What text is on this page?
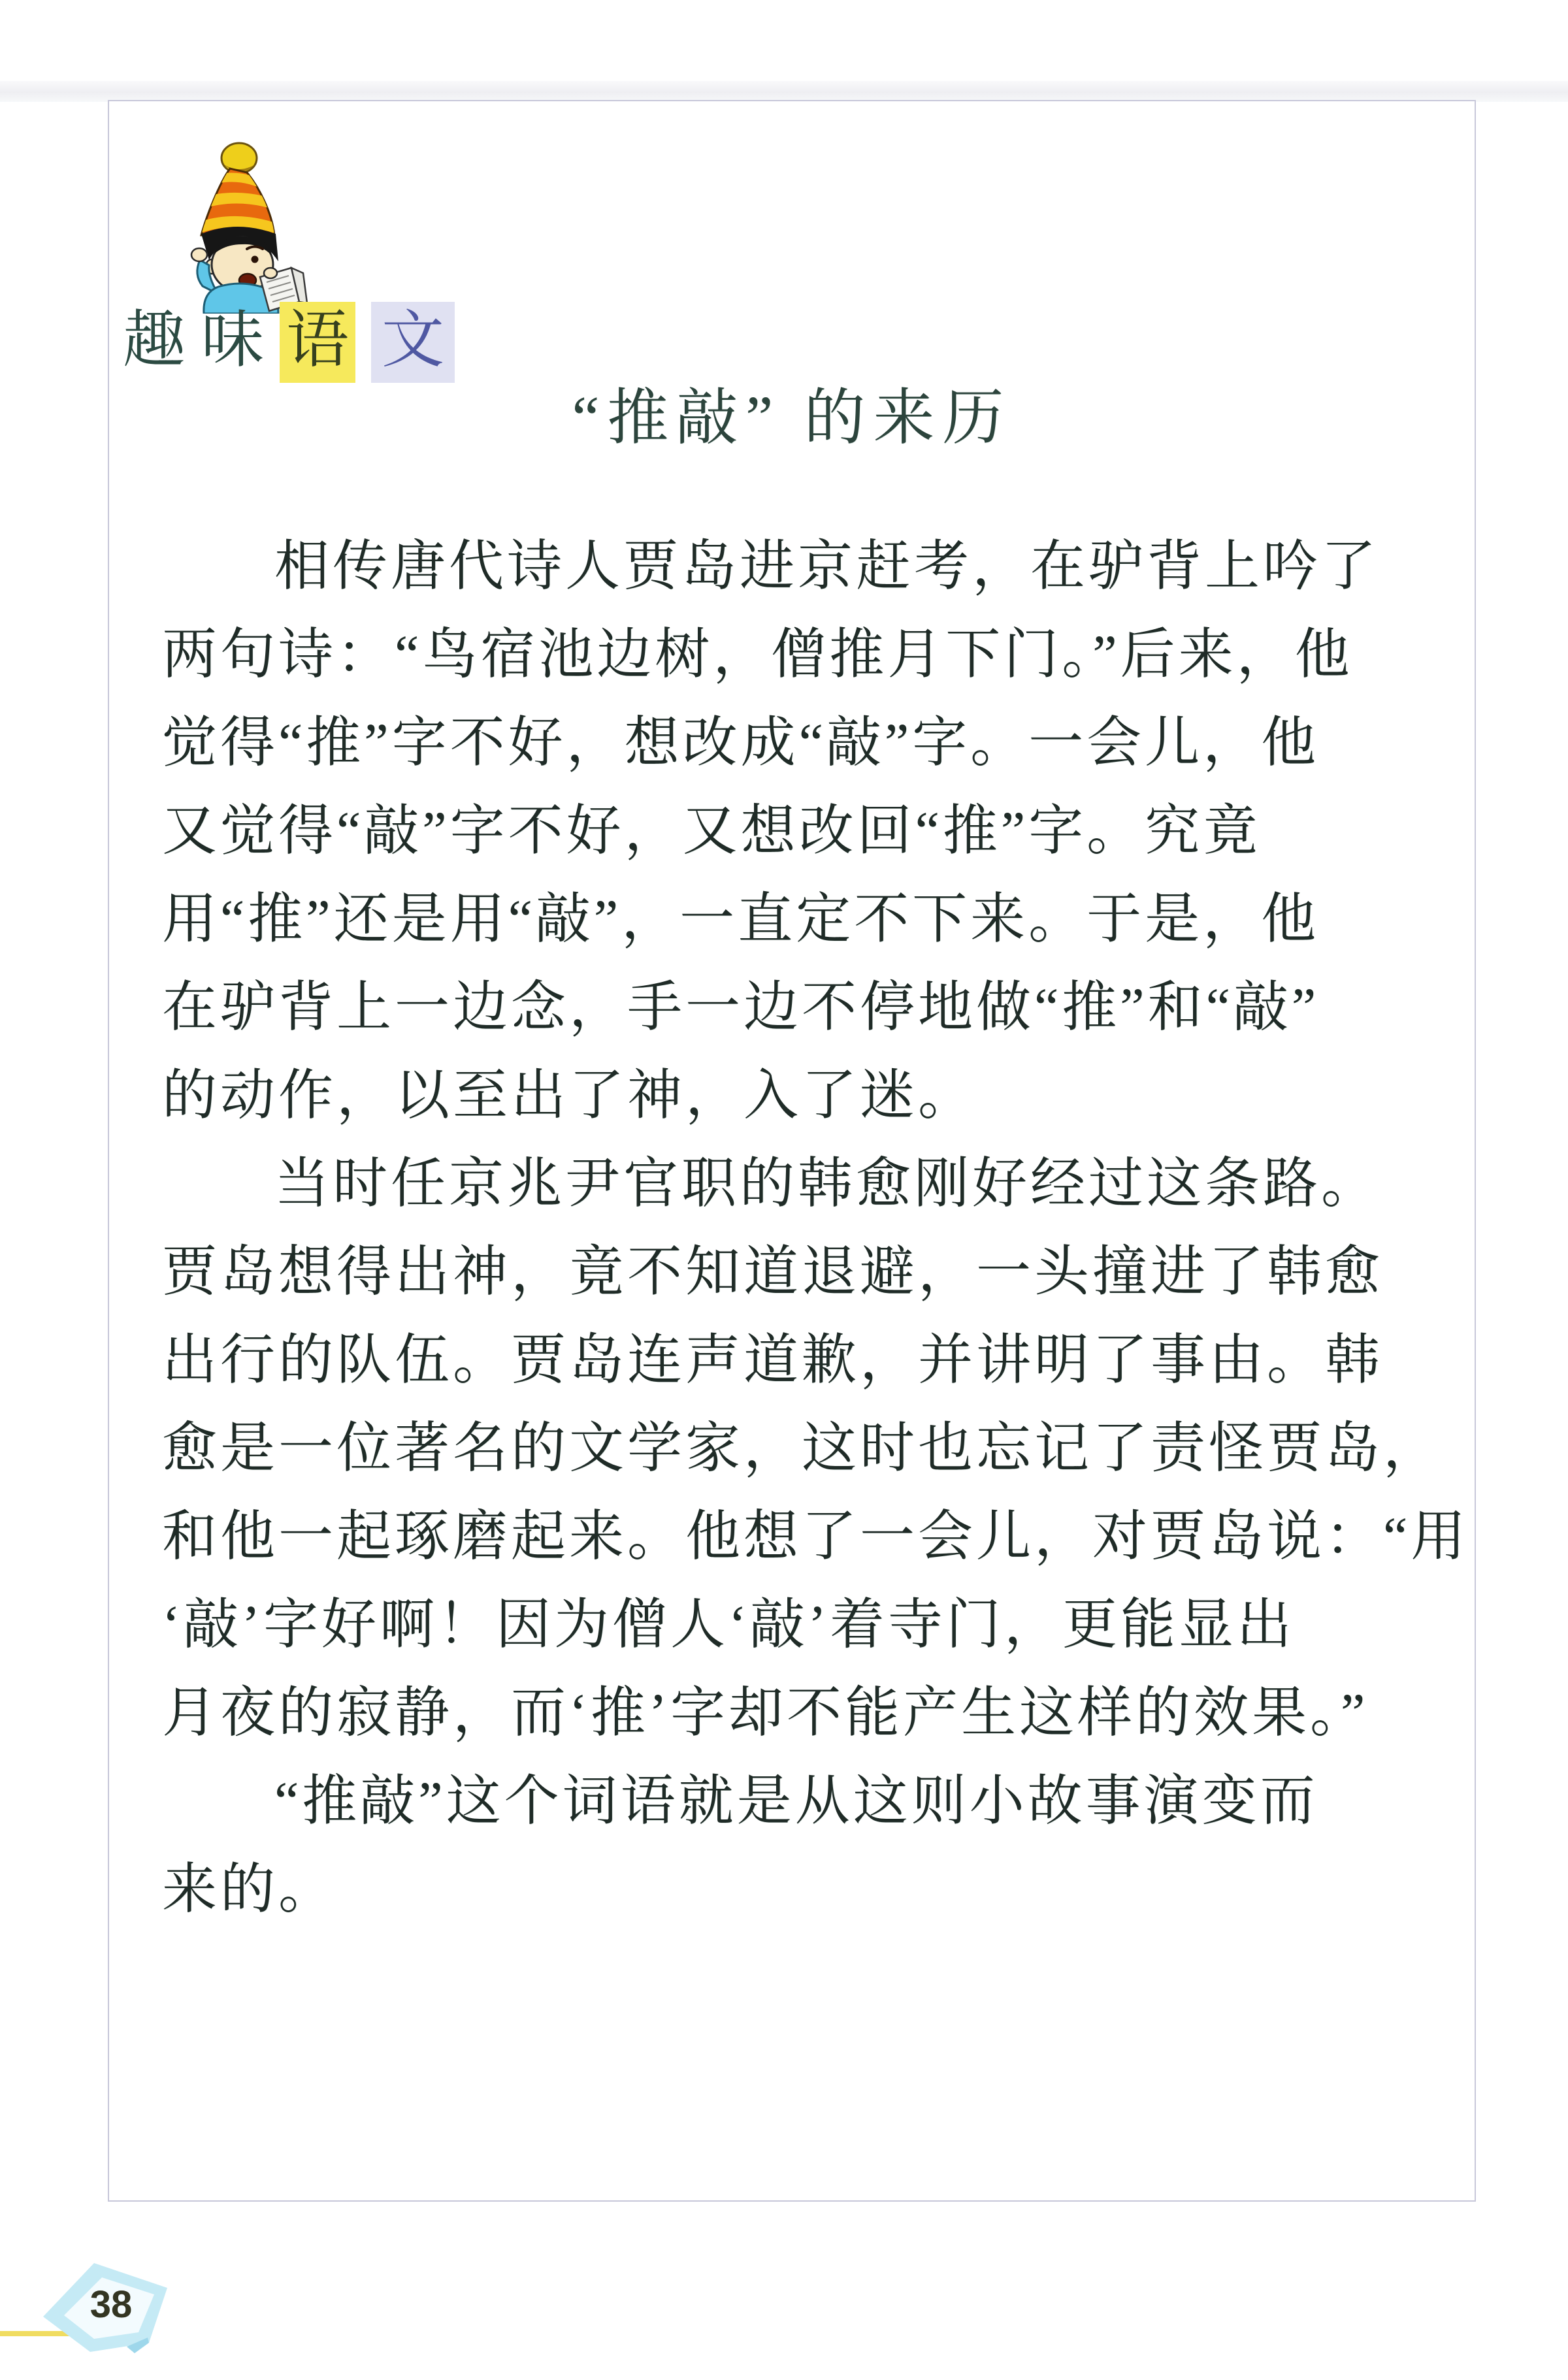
趣 味 语 文
“推敲” 的来历
相传唐代诗人贾岛进京赶考，在驴背上吟了
两句诗：“鸟宿池边树，僧推月下门。”后来，他
觉得“推”字不好，想改成“敲”字。一会儿，他
又觉得“敲”字不好，又想改回“推”字。究竟
用“推”还是用“敲”，一直定不下来。于是，他
在驴背上一边念，手一边不停地做“推”和“敲”
的动作，以至出了神，入了迷。
当时任京兆尹官职的韩愈刚好经过这条路。
贾岛想得出神，竟不知道退避，一头撞进了韩愈
出行的队伍。贾岛连声道歉，并讲明了事由。韩
愈是一位著名的文学家，这时也忘记了责怪贾岛，
和他一起琢磨起来。他想了一会儿，对贾岛说：“用
‘敲’字好啊！因为僧人‘敲’着寺门，更能显出
月夜的寂静，而‘推’字却不能产生这样的效果。”
“推敲”这个词语就是从这则小故事演变而
来的。
38
